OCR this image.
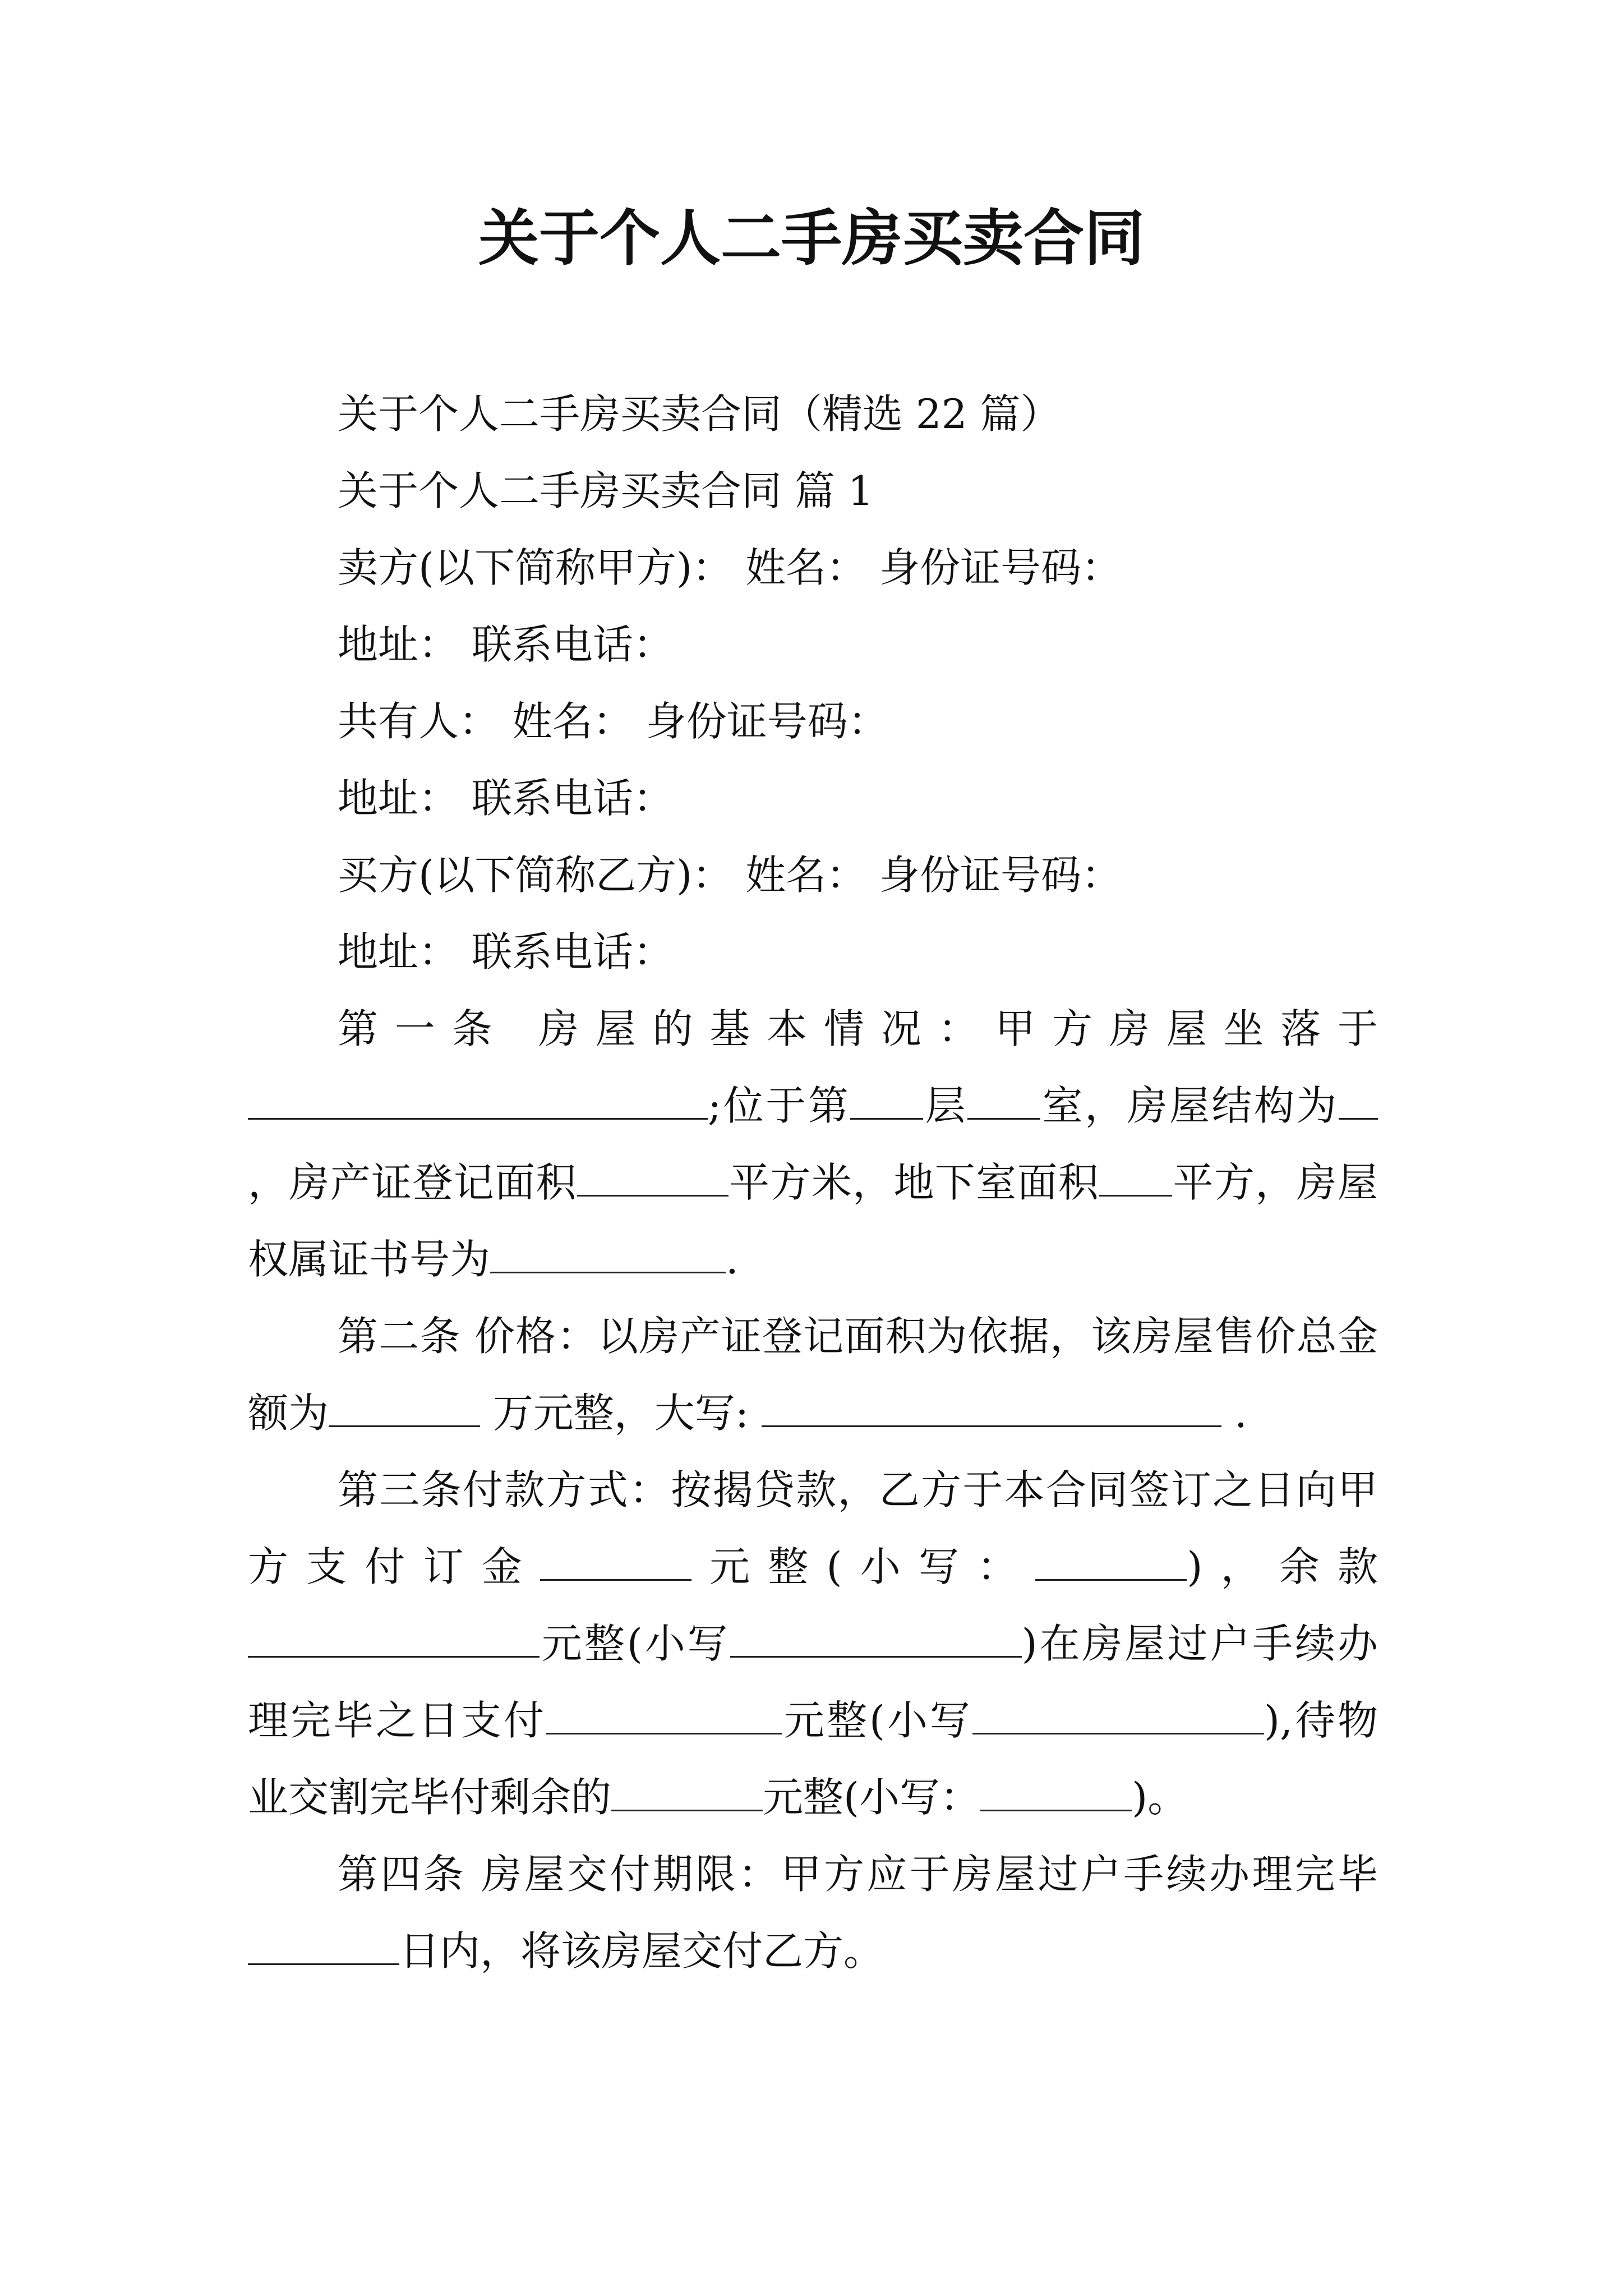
关于个人二手房买卖合同

关于个人二手房买卖合同（精选 22 篇）

关于个人二手房买卖合同 篇 1

卖方(以下简称甲方)： 姓名： 身份证号码：

地址： 联系电话：

共有人： 姓名： 身份证号码：

地址： 联系电话：

买方(以下简称乙方)： 姓名： 身份证号码：

地址： 联系电话：

第一条 房屋的基本情况：甲方房屋坐落于;位于第 层 室，房屋结构为，房产证登记面积	平方米，地下室面积 平方，房屋权属证书号为	.

第二条 价格：以房产证登记面积为依据，该房屋售价总金额为	万元整，大写:	.

第三条付款方式：按揭贷款，乙方于本合同签订之日向甲方支付订金	元整(小写：	)，余款元整(小写	)在房屋过户手续办理完毕之日支付	元整(小写	),待物业交割完毕付剩余的	元整(小写：	)。

第四条 房屋交付期限：甲方应于房屋过户手续办理完毕日内，将该房屋交付乙方。
